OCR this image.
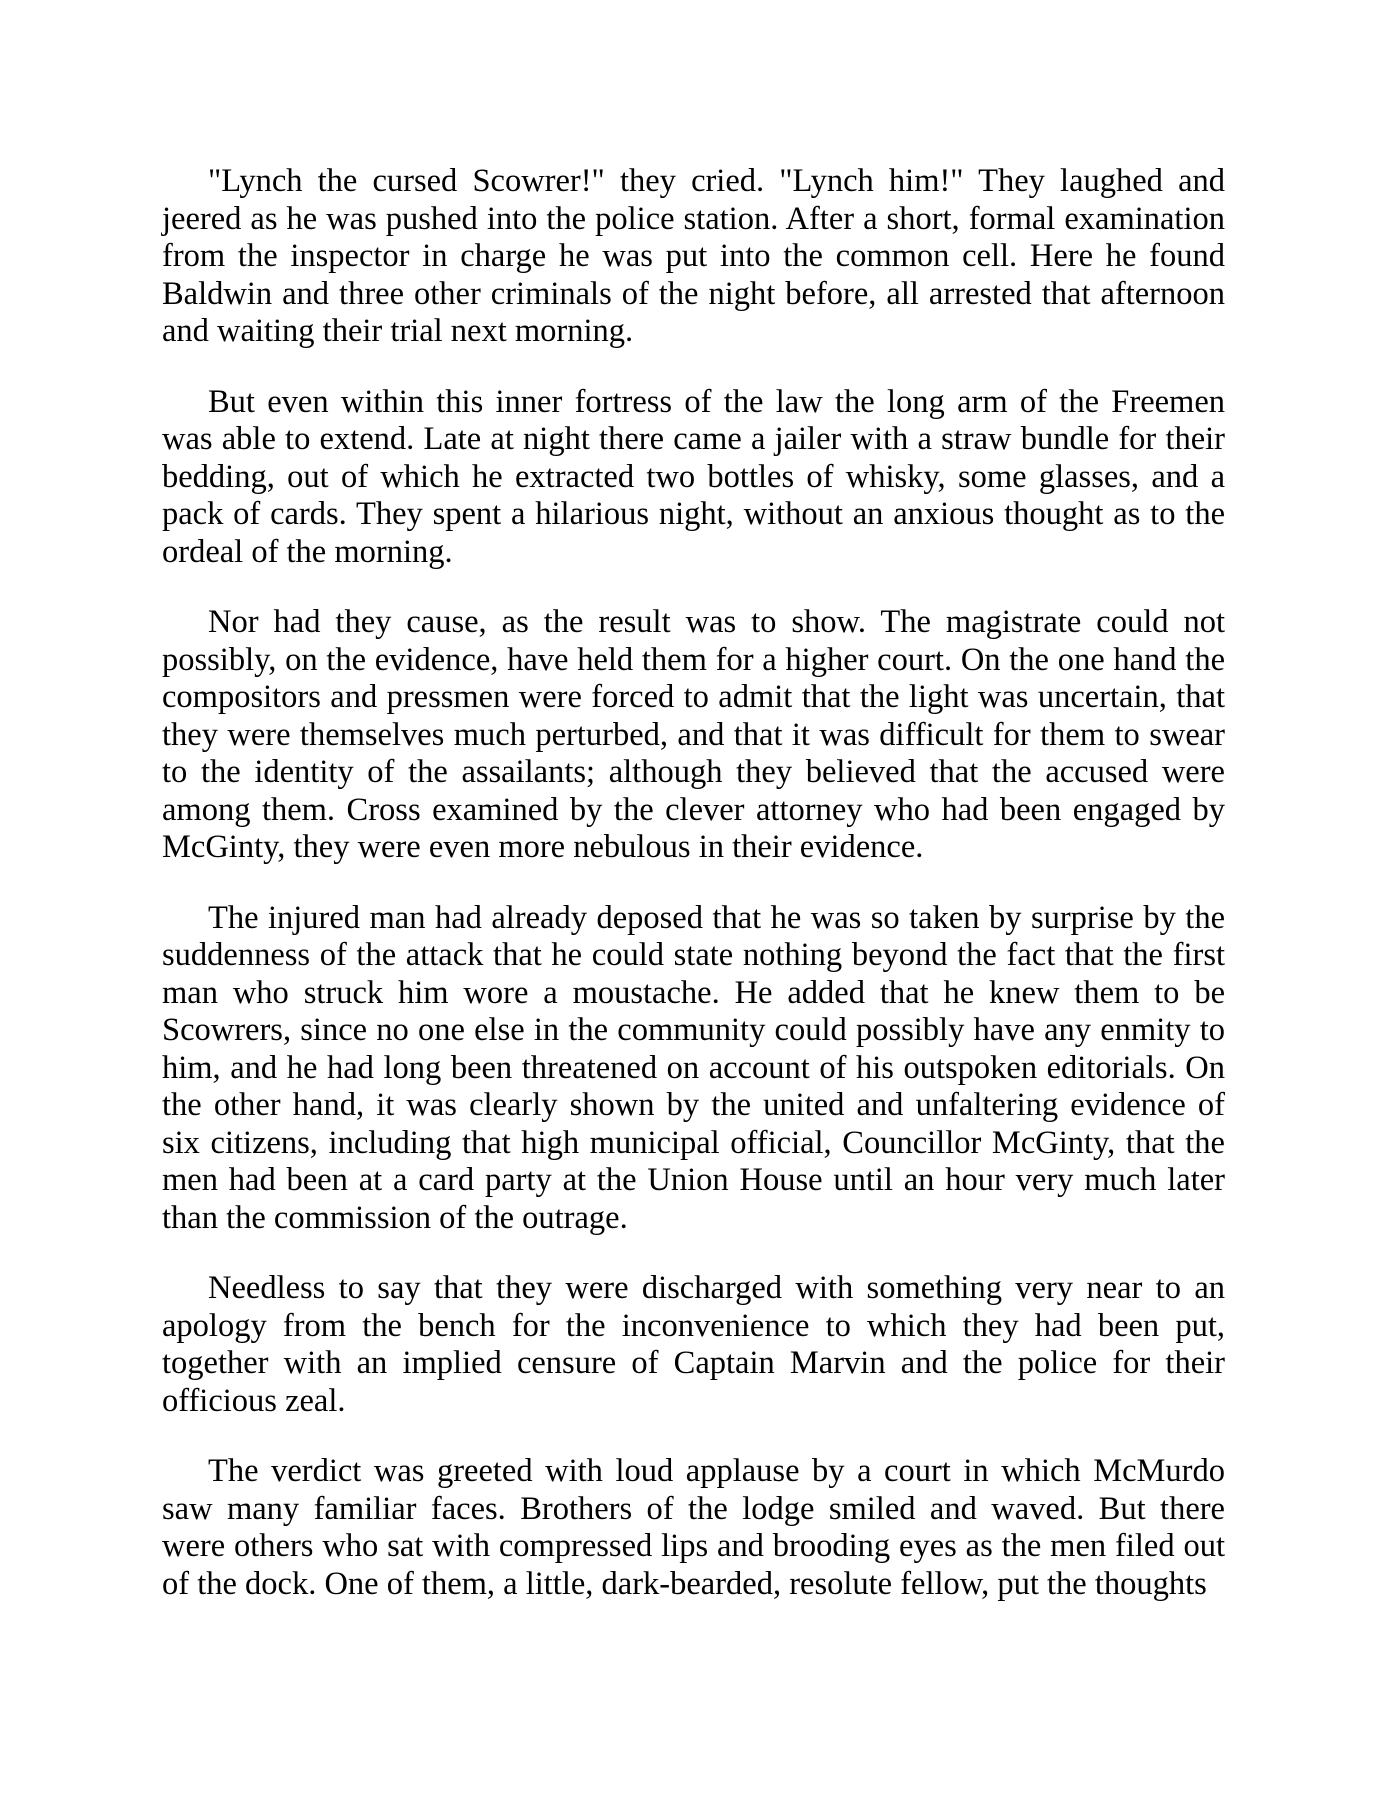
"Lynch the cursed Scowrer!" they cried. "Lynch him!" They laughed and
jeered as he was pushed into the police station. After a short, formal examination
from the inspector in charge he was put into the common cell. Here he found
Baldwin and three other criminals of the night before, all arrested that afternoon
and waiting their trial next morning.

But even within this inner fortress of the law the long arm of the Freemen
was able to extend. Late at night there came a jailer with a straw bundle for their
bedding, out of which he extracted two bottles of whisky, some glasses, and a
pack of cards. They spent a hilarious night, without an anxious thought as to the
ordeal of the morning.

Nor had they cause, as the result was to show. The magistrate could not
possibly, on the evidence, have held them for a higher court. On the one hand the
compositors and pressmen were forced to admit that the light was uncertain, that
they were themselves much perturbed, and that it was difficult for them to swear
to the identity of the assailants; although they believed that the accused were
among them. Cross examined by the clever attorney who had been engaged by
McGinty, they were even more nebulous in their evidence.

The injured man had already deposed that he was so taken by surprise by the
suddenness of the attack that he could state nothing beyond the fact that the first
man who struck him wore a moustache. He added that he knew them to be
Scowrers, since no one else in the community could possibly have any enmity to
him, and he had long been threatened on account of his outspoken editorials. On
the other hand, it was clearly shown by the united and unfaltering evidence of
six citizens, including that high municipal official, Councillor McGinty, that the
men had been at a card party at the Union House until an hour very much later
than the commission of the outrage.

Needless to say that they were discharged with something very near to an
apology from the bench for the inconvenience to which they had been put,
together with an implied censure of Captain Marvin and the police for their
officious zeal.

The verdict was greeted with loud applause by a court in which McMurdo
saw many familiar faces. Brothers of the lodge smiled and waved. But there
were others who sat with compressed lips and brooding eyes as the men filed out
of the dock. One of them, a little, dark-bearded, resolute fellow, put the thoughts
